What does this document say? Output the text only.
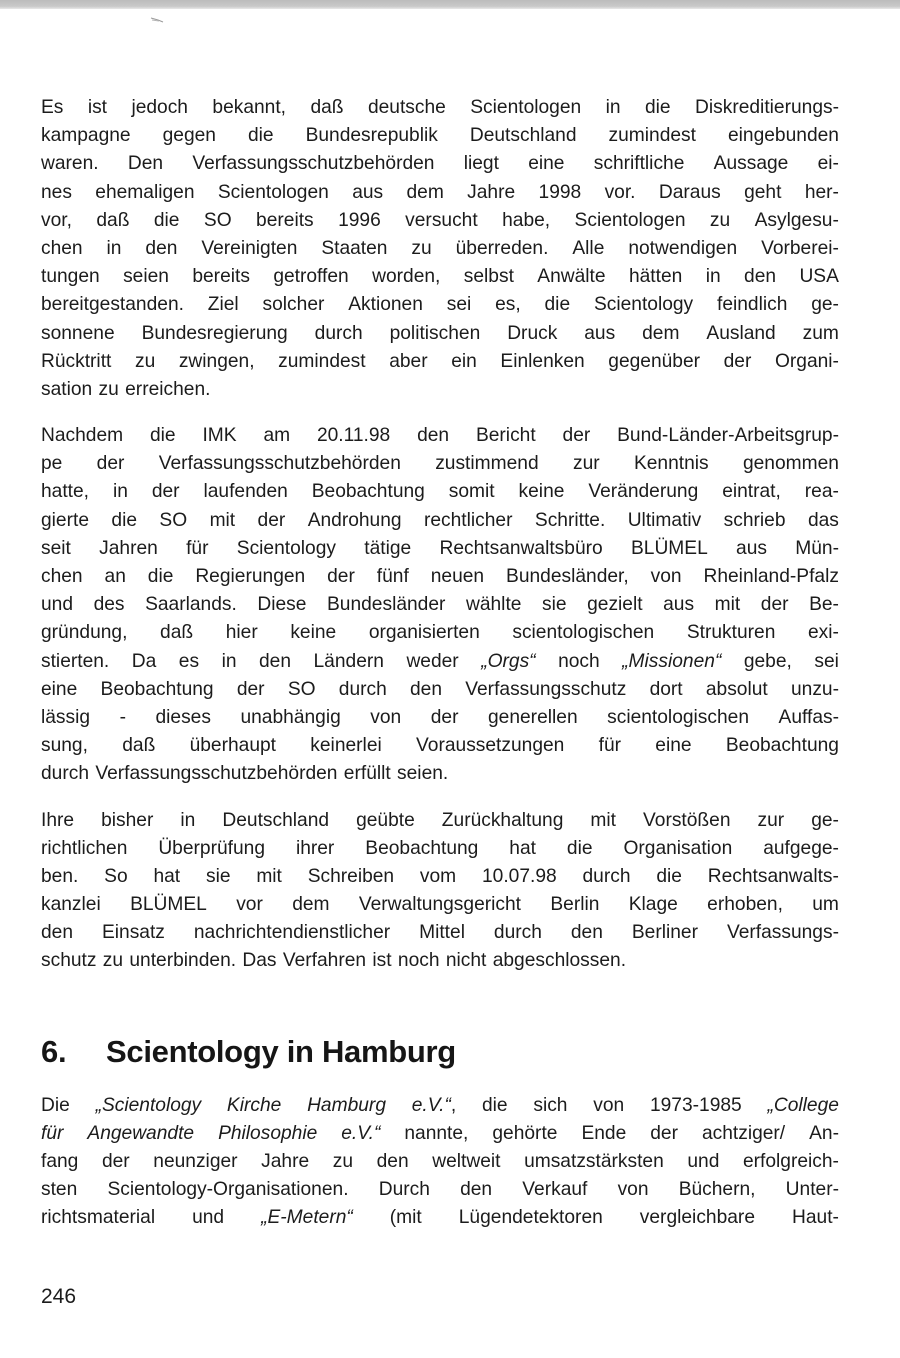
Es ist jedoch bekannt, daß deutsche Scientologen in die Diskreditierungs-
kampagne gegen die Bundesrepublik Deutschland zumindest eingebunden
waren. Den Verfassungsschutzbehörden liegt eine schriftliche Aussage ei-
nes ehemaligen Scientologen aus dem Jahre 1998 vor. Daraus geht her-
vor, daß die SO bereits 1996 versucht habe, Scientologen zu Asylgesu-
chen in den Vereinigten Staaten zu überreden. Alle notwendigen Vorberei-
tungen seien bereits getroffen worden, selbst Anwälte hätten in den USA
bereitgestanden. Ziel solcher Aktionen sei es, die Scientology feindlich ge-
sonnene Bundesregierung durch politischen Druck aus dem Ausland zum
Rücktritt zu zwingen, zumindest aber ein Einlenken gegenüber der Organi-
sation zu erreichen.
Nachdem die IMK am 20.11.98 den Bericht der Bund-Länder-Arbeitsgrup-
pe der Verfassungsschutzbehörden zustimmend zur Kenntnis genommen
hatte, in der laufenden Beobachtung somit keine Veränderung eintrat, rea-
gierte die SO mit der Androhung rechtlicher Schritte. Ultimativ schrieb das
seit Jahren für Scientology tätige Rechtsanwaltsbüro BLÜMEL aus Mün-
chen an die Regierungen der fünf neuen Bundesländer, von Rheinland-Pfalz
und des Saarlands. Diese Bundesländer wählte sie gezielt aus mit der Be-
gründung, daß hier keine organisierten scientologischen Strukturen exi-
stierten. Da es in den Ländern weder „Orgs“ noch „Missionen“ gebe, sei
eine Beobachtung der SO durch den Verfassungsschutz dort absolut unzu-
lässig - dieses unabhängig von der generellen scientologischen Auffas-
sung, daß überhaupt keinerlei Voraussetzungen für eine Beobachtung
durch Verfassungsschutzbehörden erfüllt seien.
Ihre bisher in Deutschland geübte Zurückhaltung mit Vorstößen zur ge-
richtlichen Überprüfung ihrer Beobachtung hat die Organisation aufgege-
ben. So hat sie mit Schreiben vom 10.07.98 durch die Rechtsanwalts-
kanzlei BLÜMEL vor dem Verwaltungsgericht Berlin Klage erhoben, um
den Einsatz nachrichtendienstlicher Mittel durch den Berliner Verfassungs-
schutz zu unterbinden. Das Verfahren ist noch nicht abgeschlossen.
6.	Scientology in Hamburg
Die „Scientology Kirche Hamburg e.V.“, die sich von 1973-1985 „College
für Angewandte Philosophie e.V.“ nannte, gehörte Ende der achtziger/ An-
fang der neunziger Jahre zu den weltweit umsatzstärksten und erfolgreich-
sten Scientology-Organisationen. Durch den Verkauf von Büchern, Unter-
richtsmaterial und „E-Metern“ (mit Lügendetektoren vergleichbare Haut-
246
